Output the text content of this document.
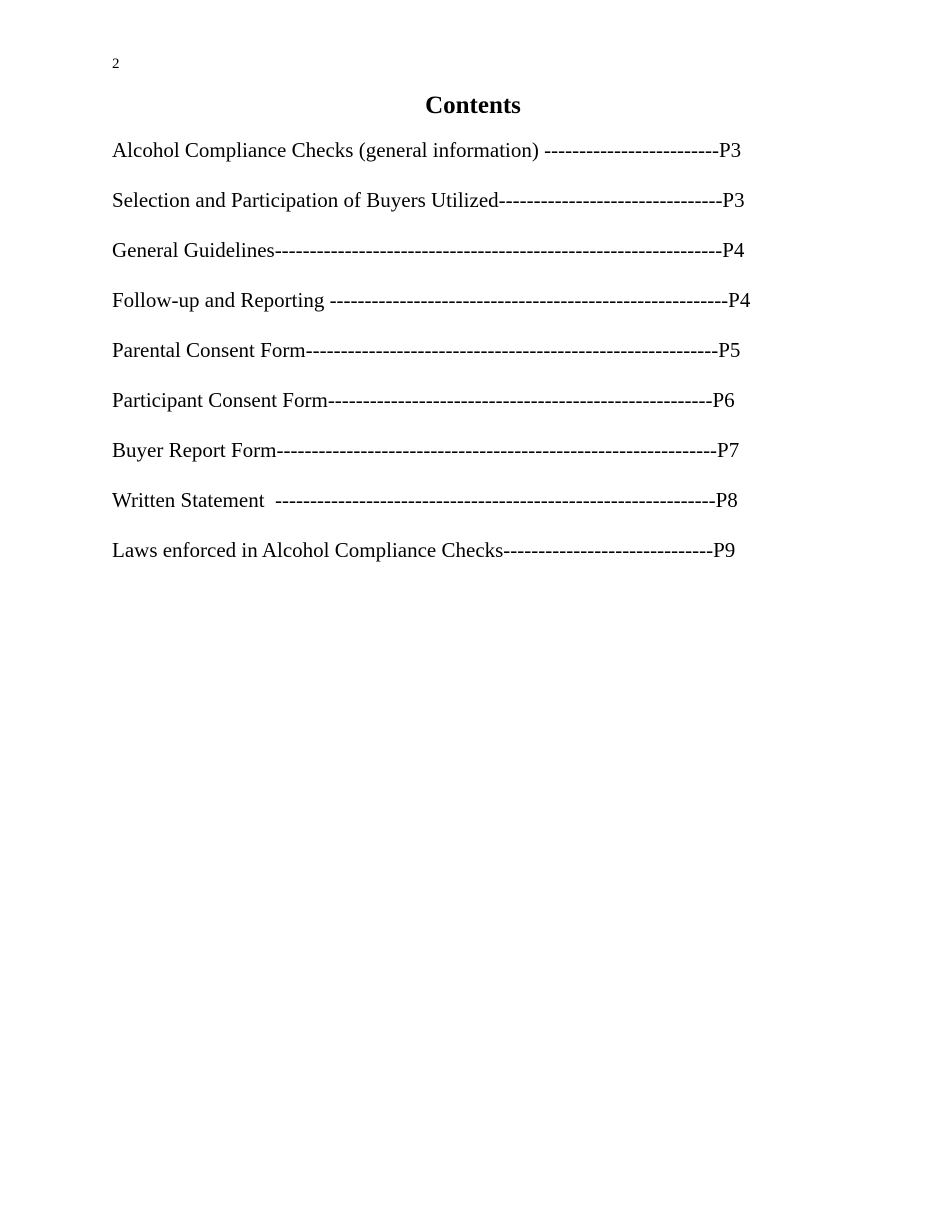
2
Contents
Alcohol Compliance Checks (general information) -------------------------P3
Selection and Participation of Buyers Utilized--------------------------------P3
General Guidelines----------------------------------------------------------------P4
Follow-up and Reporting ---------------------------------------------------------P4
Parental Consent Form-----------------------------------------------------------P5
Participant Consent Form-------------------------------------------------------P6
Buyer Report Form---------------------------------------------------------------P7
Written Statement  ---------------------------------------------------------------P8
Laws enforced in Alcohol Compliance Checks------------------------------P9
